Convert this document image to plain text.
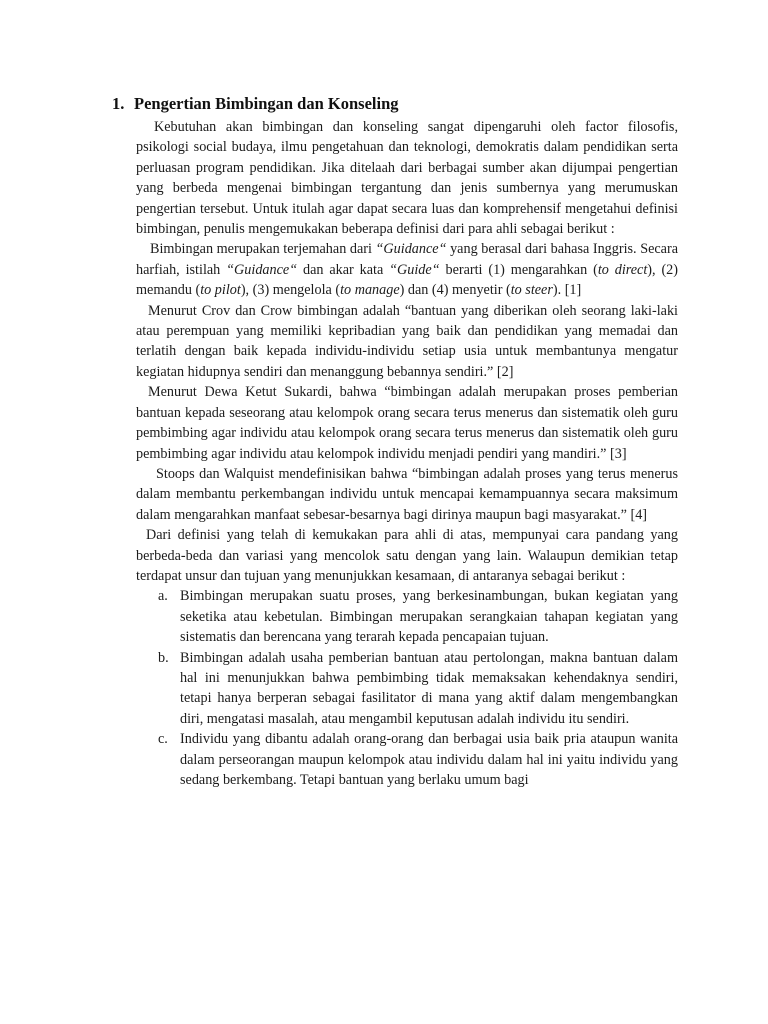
1. Pengertian Bimbingan dan Konseling

Kebutuhan akan bimbingan dan konseling sangat dipengaruhi oleh factor filosofis, psikologi social budaya, ilmu pengetahuan dan teknologi, demokratis dalam pendidikan serta perluasan program pendidikan. Jika ditelaah dari berbagai sumber akan dijumpai pengertian yang berbeda mengenai bimbingan tergantung dan jenis sumbernya yang merumuskan pengertian tersebut. Untuk itulah agar dapat secara luas dan komprehensif mengetahui definisi bimbingan, penulis mengemukakan beberapa definisi dari para ahli sebagai berikut :

Bimbingan merupakan terjemahan dari “Guidance“ yang berasal dari bahasa Inggris. Secara harfiah, istilah “Guidance“ dan akar kata “Guide“ berarti (1) mengarahkan (to direct), (2) memandu (to pilot), (3) mengelola (to manage) dan (4) menyetir (to steer). [1]

Menurut Crov dan Crow bimbingan adalah “bantuan yang diberikan oleh seorang laki-laki atau perempuan yang memiliki kepribadian yang baik dan pendidikan yang memadai dan terlatih dengan baik kepada individu-individu setiap usia untuk membantunya mengatur kegiatan hidupnya sendiri dan menanggung bebannya sendiri.” [2]

Menurut Dewa Ketut Sukardi, bahwa “bimbingan adalah merupakan proses pemberian bantuan kepada seseorang atau kelompok orang secara terus menerus dan sistematik oleh guru pembimbing agar individu atau kelompok orang secara terus menerus dan sistematik oleh guru pembimbing agar individu atau kelompok individu menjadi pendiri yang mandiri.” [3]

Stoops dan Walquist mendefinisikan bahwa “bimbingan adalah proses yang terus menerus dalam membantu perkembangan individu untuk mencapai kemampuannya secara maksimum dalam mengarahkan manfaat sebesar-besarnya bagi dirinya maupun bagi masyarakat.” [4]

Dari definisi yang telah di kemukakan para ahli di atas, mempunyai cara pandang yang berbeda-beda dan variasi yang mencolok satu dengan yang lain. Walaupun demikian tetap terdapat unsur dan tujuan yang menunjukkan kesamaan, di antaranya sebagai berikut :

a. Bimbingan merupakan suatu proses, yang berkesinambungan, bukan kegiatan yang seketika atau kebetulan. Bimbingan merupakan serangkaian tahapan kegiatan yang sistematis dan berencana yang terarah kepada pencapaian tujuan.
b. Bimbingan adalah usaha pemberian bantuan atau pertolongan, makna bantuan dalam hal ini menunjukkan bahwa pembimbing tidak memaksakan kehendaknya sendiri, tetapi hanya berperan sebagai fasilitator di mana yang aktif dalam mengembangkan diri, mengatasi masalah, atau mengambil keputusan adalah individu itu sendiri.
c. Individu yang dibantu adalah orang-orang dan berbagai usia baik pria ataupun wanita dalam perseorangan maupun kelompok atau individu dalam hal ini yaitu individu yang sedang berkembang. Tetapi bantuan yang berlaku umum bagi
